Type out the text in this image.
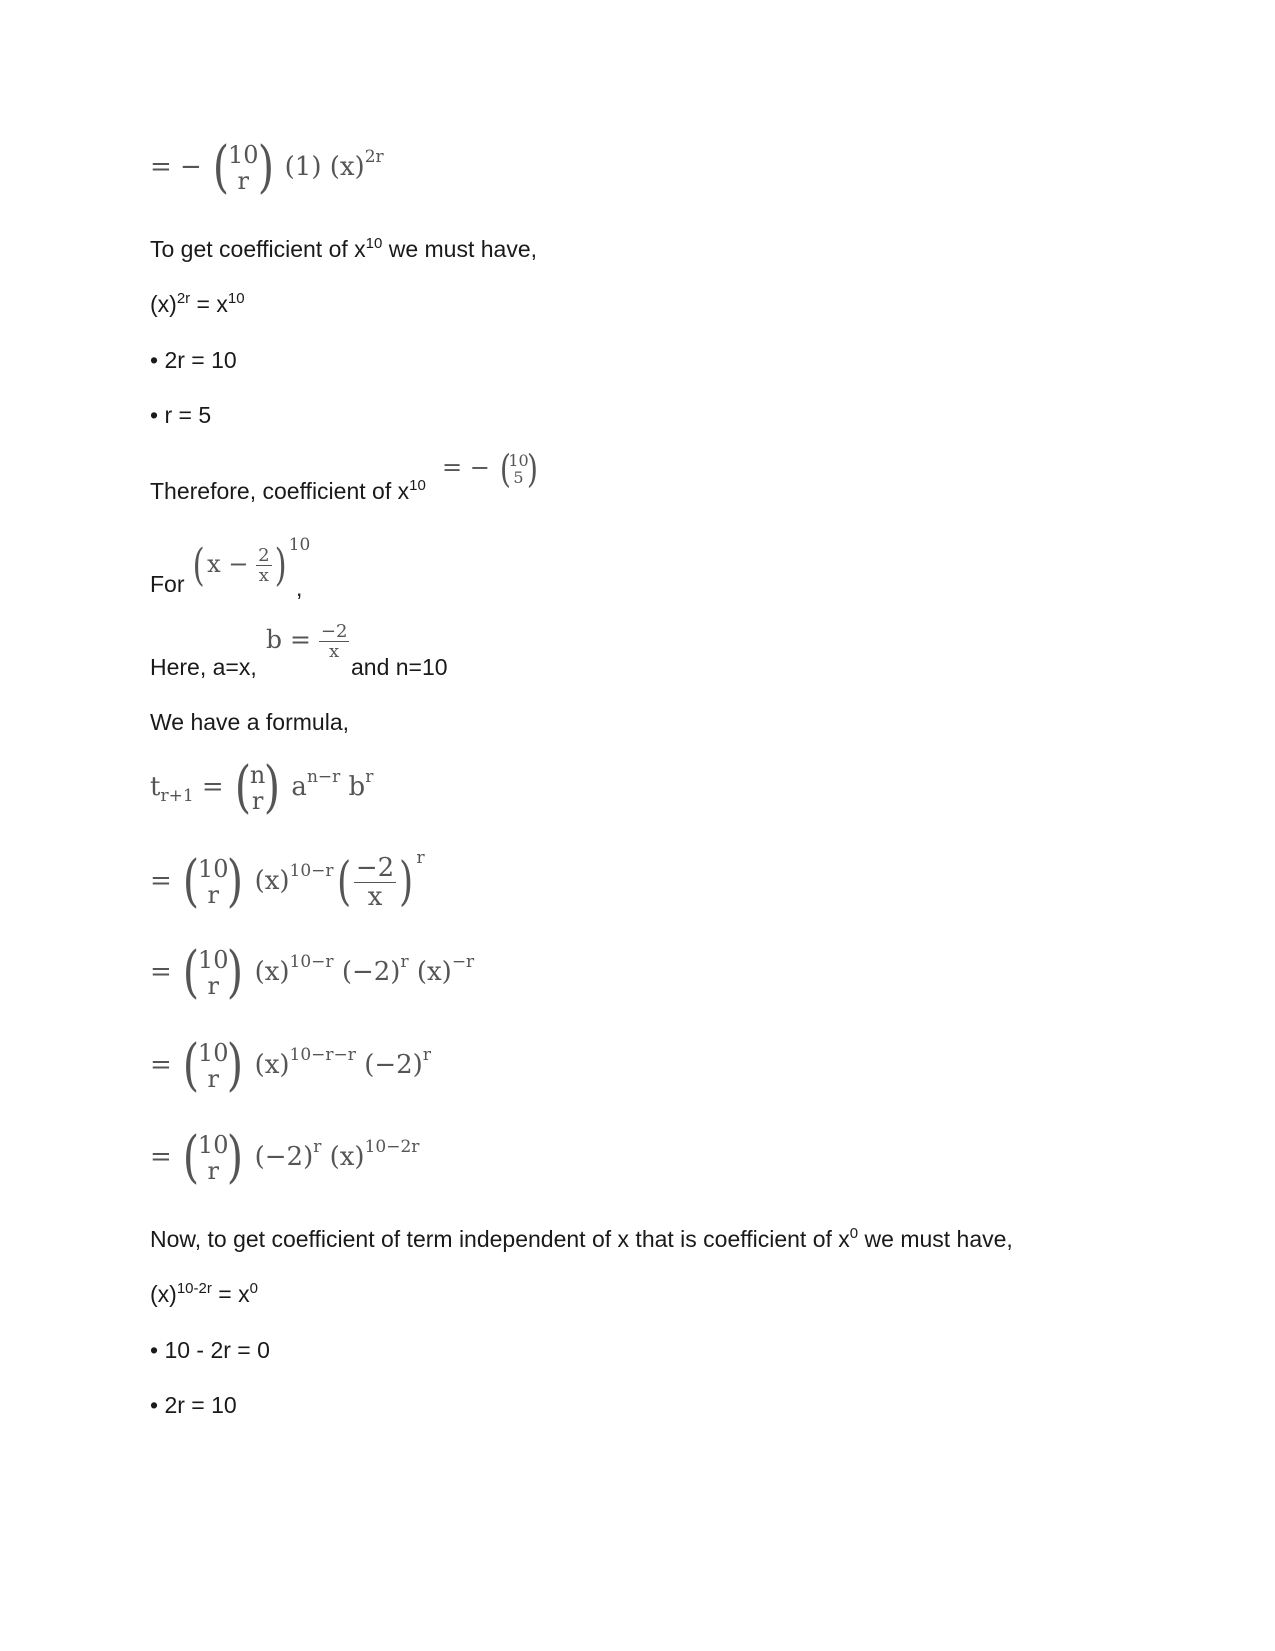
= − (
10
r ) (1) $(x)^{2r}$
To get coefficient of $x^{10}$ we must have,
$(x)^{2r} = x^{10}$
• 2r = 10
• r = 5
Therefore, coefficient of $x^{10}$
= − (
10
5 )
For ( $x - \frac{2}{x}$ ) $^{10}$
,
Here, a=x,
$b = \frac{-2}{x}$
and n=10
We have a formula,
$t_{r+1}$ = (
n
r ) $a^{n-r}$ $b^r$
= (
10
r ) $(x)^{10-r}( \frac{-2}{x}$ ) $^r$
= (
10
r ) $(x)^{10-r}$ $(-2)^r$ $(x)^{-r}$
= (
10
r ) $(x)^{10-r-r}$ $(-2)^r$
= (
10
r ) $(-2)^r$ $(x)^{10-2r}$
Now, to get coefficient of term independent of x that is coefficient of $x^0$ we must have,
$(x)^{10-2r} = x^0$
• 10 - 2r = 0
• 2r = 10
